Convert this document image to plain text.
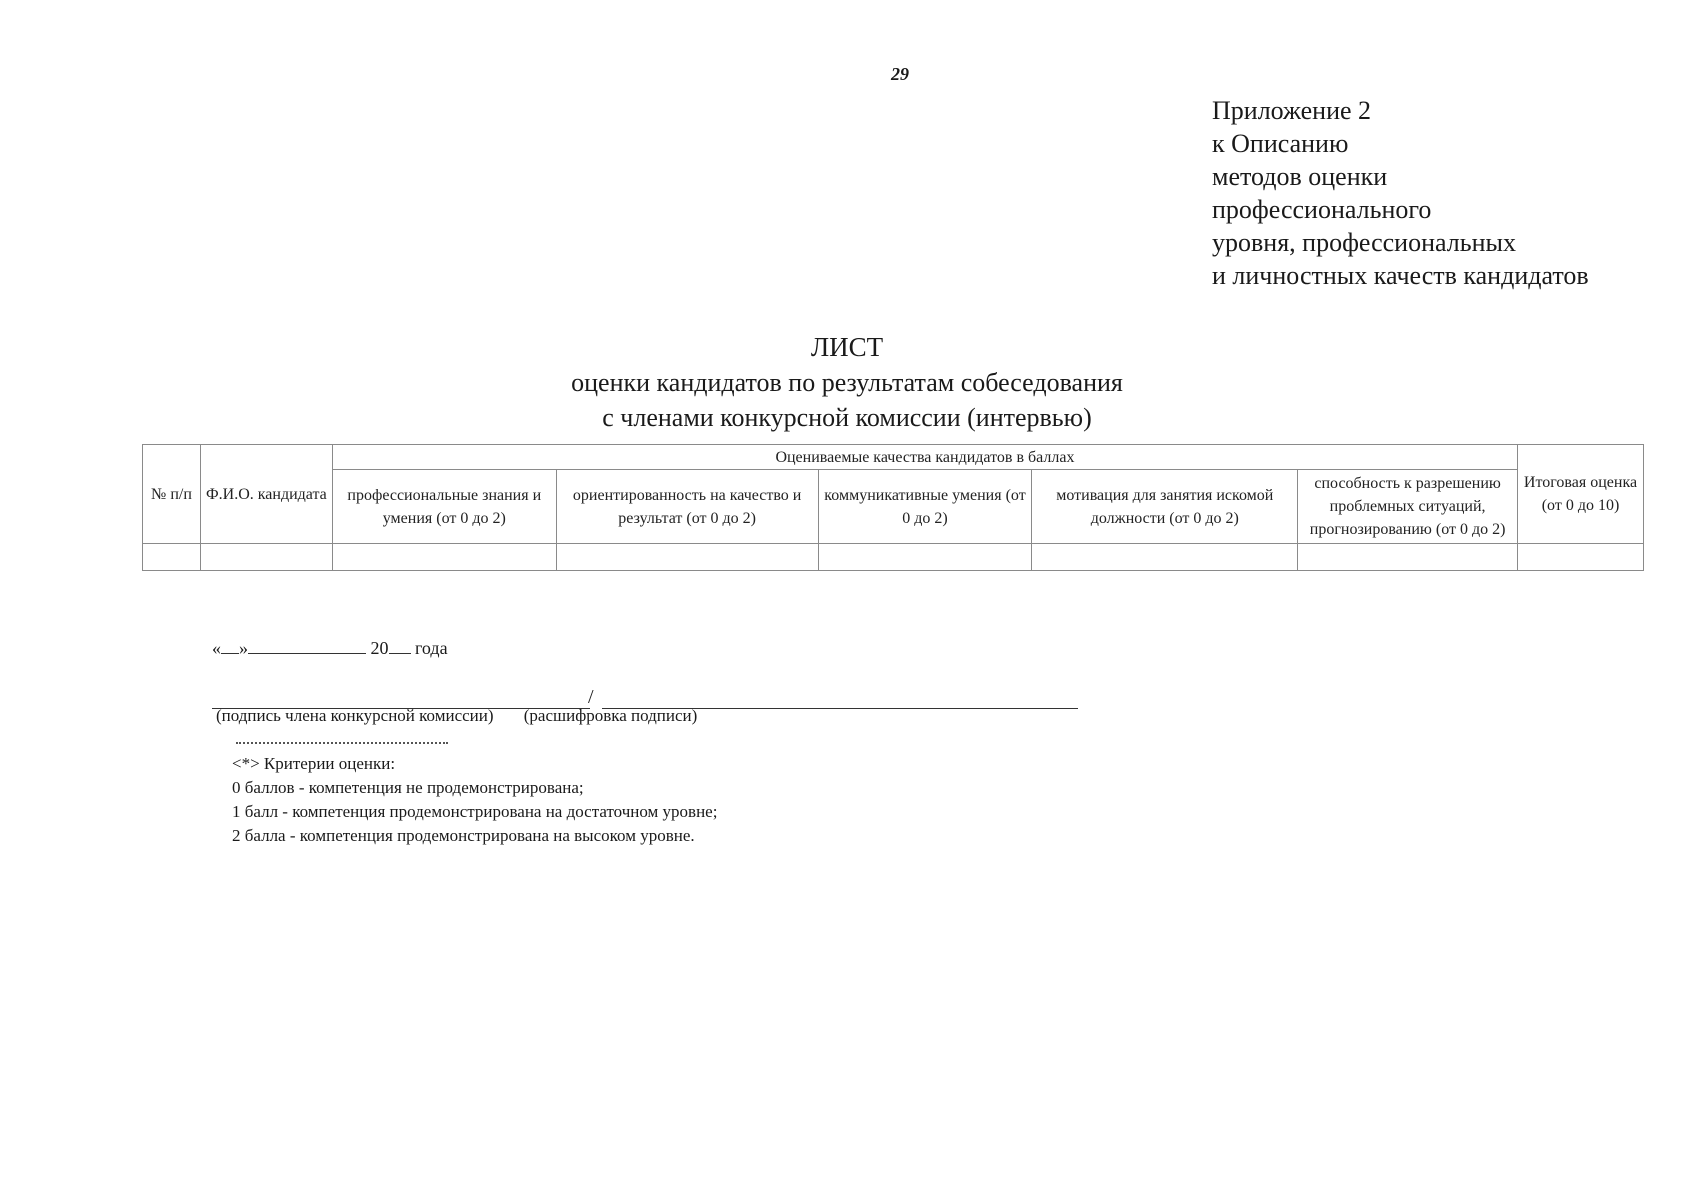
29
Приложение 2
к Описанию
методов оценки
профессионального
уровня, профессиональных
и личностных качеств кандидатов
ЛИСТ
оценки кандидатов по результатам собеседования
с членами конкурсной комиссии (интервью)
№ п/п	Ф.И.О. кандидата	Оцениваемые качества кандидатов в баллах					Итоговая оценка (от 0 до 10)
		профессиональные знания и умения (от 0 до 2)	ориентированность на качество и результат (от 0 до 2)	коммуникативные умения (от 0 до 2)	мотивация для занятия искомой должности (от 0 до 2)	способность к разрешению проблемных ситуаций, прогнозированию (от 0 до 2)	

« »	20 года
/
(подпись члена конкурсной комиссии) (расшифровка подписи)
<*> Критерии оценки:
0 баллов - компетенция не продемонстрирована;
1 балл - компетенция продемонстрирована на достаточном уровне;
2 балла - компетенция продемонстрирована на высоком уровне.
